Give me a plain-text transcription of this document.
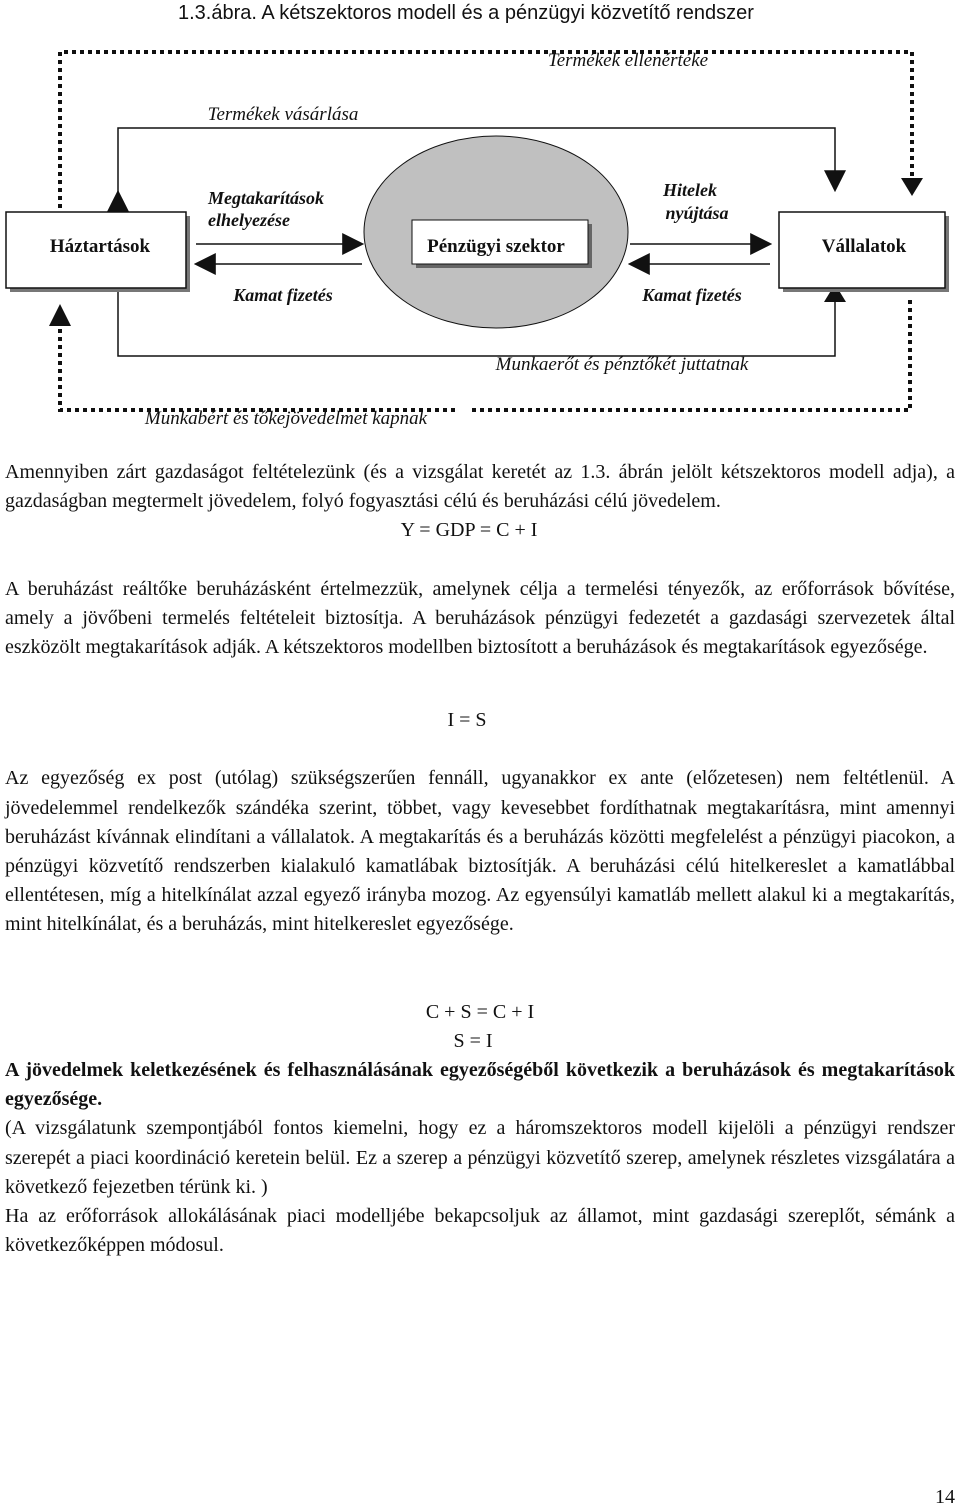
1.3.ábra. A kétszektoros modell és a pénzügyi közvetítő rendszer
Háztartások	Pénzügyi szektor	Vállalatok
Termékek ellenértéke
Termékek vásárlása
Megtakarítások
elhelyezése
Hitelek
nyújtása
Kamat fizetés	Kamat fizetés
Munkaerőt és pénztőkét juttatnak
Munkabért és tőkejövedelmet kapnak

Amennyiben zárt gazdaságot feltételezünk (és a vizsgálat keretét az 1.3. ábrán jelölt kétszektoros modell adja), a gazdaságban megtermelt jövedelem, folyó fogyasztási célú és beruházási célú jövedelem.

Y = GDP = C + I

A beruházást reáltőke beruházásként értelmezzük, amelynek célja a termelési tényezők, az erőforrások bővítése, amely a jövőbeni termelés feltételeit biztosítja. A beruházások pénzügyi fedezetét a gazdasági szervezetek által eszközölt megtakarítások adják. A kétszektoros modellben biztosított a beruházások és megtakarítások egyezősége.

I = S

Az egyezőség ex post (utólag) szükségszerűen fennáll, ugyanakkor ex ante (előzetesen) nem feltétlenül. A jövedelemmel rendelkezők szándéka szerint, többet, vagy kevesebbet fordíthatnak megtakarításra, mint amennyi beruházást kívánnak elindítani a vállalatok. A megtakarítás és a beruházás közötti megfelelést a pénzügyi piacokon, a pénzügyi közvetítő rendszerben kialakuló kamatlábak biztosítják. A beruházási célú hitelkereslet a kamatlábbal ellentétesen, míg a hitelkínálat azzal egyező irányba mozog. Az egyensúlyi kamatláb mellett alakul ki a megtakarítás, mint hitelkínálat, és a beruházás, mint hitelkereslet egyezősége.

C + S = C + I

S = I

A jövedelmek keletkezésének és felhasználásának egyezőségéből következik a beruházások és megtakarítások egyezősége.

(A vizsgálatunk szempontjából fontos kiemelni, hogy ez a háromszektoros modell kijelöli a pénzügyi rendszer szerepét a piaci koordináció keretein belül. Ez a szerep a pénzügyi közvetítő szerep, amelynek részletes vizsgálatára a következő fejezetben térünk ki. )

Ha az erőforrások allokálásának piaci modelljébe bekapcsoljuk az államot, mint gazdasági szereplőt, sémánk a következőképpen módosul.

14
